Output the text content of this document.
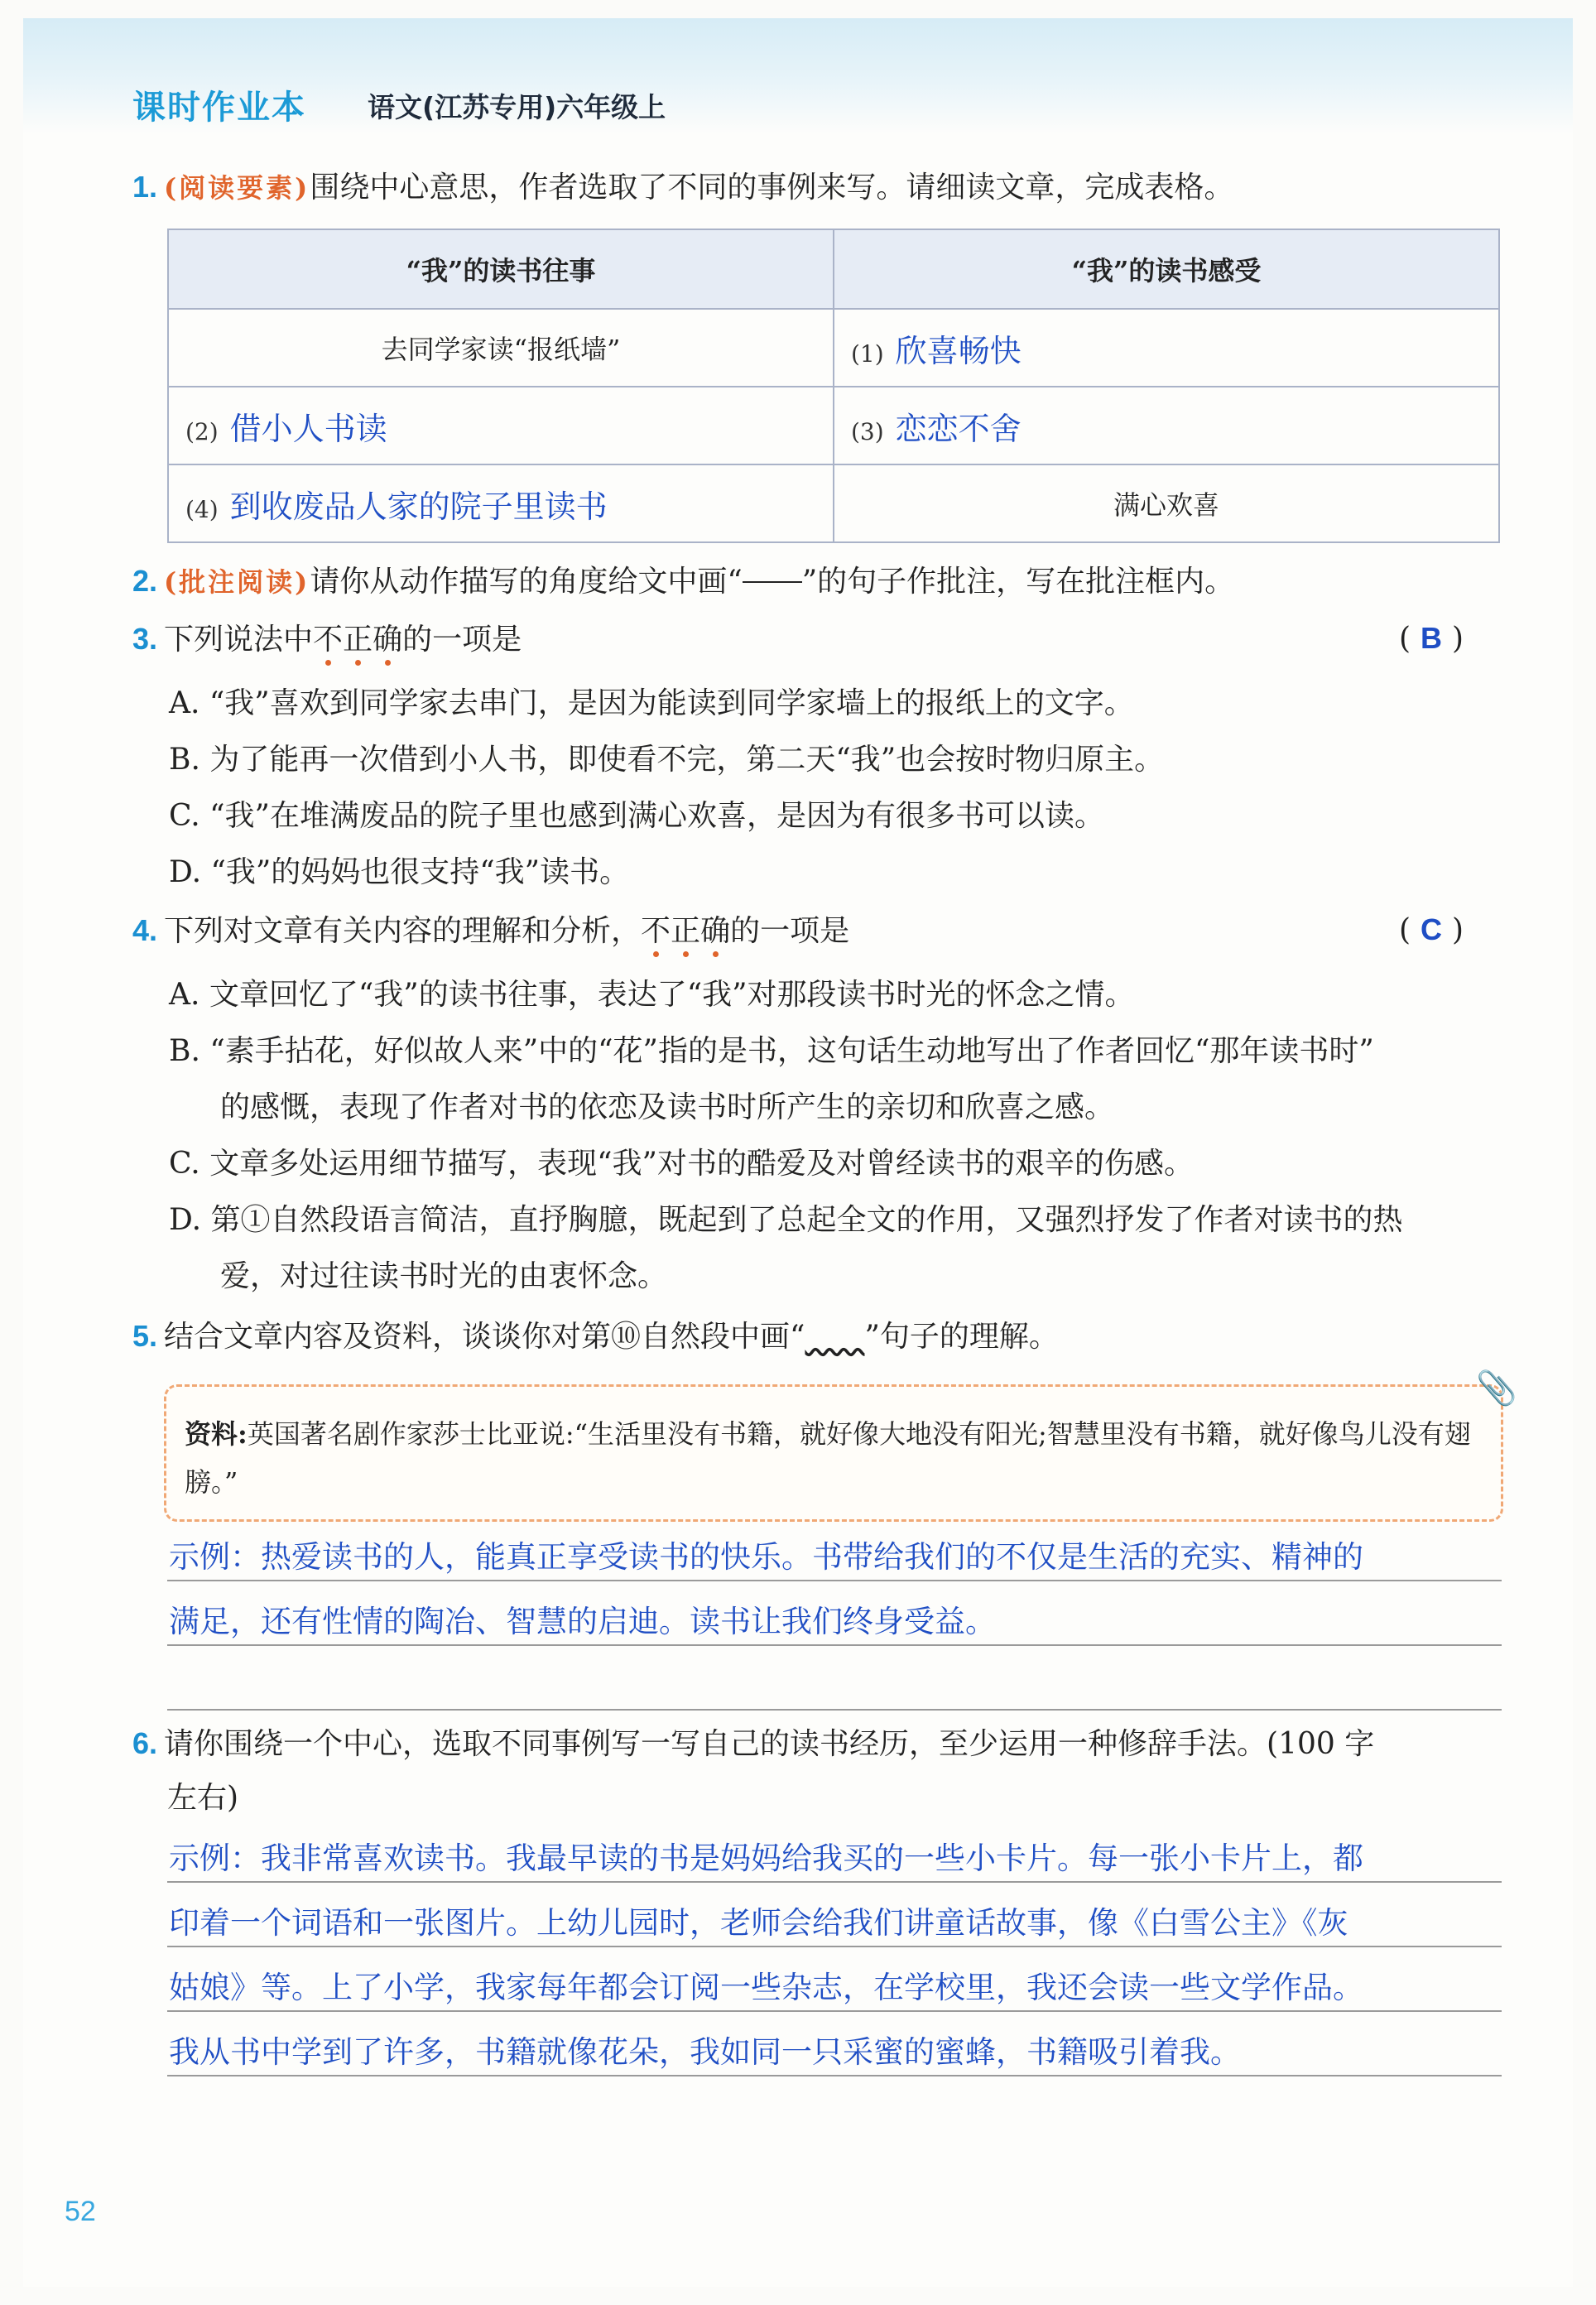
课时作业本 语文(江苏专用)六年级上
1. (阅读要素)围绕中心意思，作者选取了不同的事例来写。请细读文章，完成表格。
“我”的读书往事	“我”的读书感受
去同学家读“报纸墙”	(1) 欣喜畅快
(2) 借小人书读	(3) 恋恋不舍
(4) 到收废品人家的院子里读书	满心欢喜
2. (批注阅读)请你从动作描写的角度给文中画“ ”的句子作批注，写在批注框内。
3. 下列说法中不正确的一项是	( B )
A. “我”喜欢到同学家去串门，是因为能读到同学家墙上的报纸上的文字。
B. 为了能再一次借到小人书，即使看不完，第二天“我”也会按时物归原主。
C. “我”在堆满废品的院子里也感到满心欢喜，是因为有很多书可以读。
D. “我”的妈妈也很支持“我”读书。
4. 下列对文章有关内容的理解和分析，不正确的一项是	( C )
A. 文章回忆了“我”的读书往事，表达了“我”对那段读书时光的怀念之情。
B. “素手拈花，好似故人来”中的“花”指的是书，这句话生动地写出了作者回忆“那年读书时”
的感慨，表现了作者对书的依恋及读书时所产生的亲切和欣喜之感。
C. 文章多处运用细节描写，表现“我”对书的酷爱及对曾经读书的艰辛的伤感。
D. 第①自然段语言简洁，直抒胸臆，既起到了总起全文的作用，又强烈抒发了作者对读书的热
爱，对过往读书时光的由衷怀念。
5. 结合文章内容及资料，谈谈你对第⑩自然段中画“ ”句子的理解。
📎
资料:英国著名剧作家莎士比亚说:“生活里没有书籍，就好像大地没有阳光;智慧里没有书籍，就好像鸟儿没有翅膀。”
示例：热爱读书的人，能真正享受读书的快乐。书带给我们的不仅是生活的充实、精神的
满足，还有性情的陶冶、智慧的启迪。读书让我们终身受益。
6. 请你围绕一个中心，选取不同事例写一写自己的读书经历，至少运用一种修辞手法。(100 字
左右)
示例：我非常喜欢读书。我最早读的书是妈妈给我买的一些小卡片。每一张小卡片上，都
印着一个词语和一张图片。上幼儿园时，老师会给我们讲童话故事，像《白雪公主》《灰
姑娘》等。上了小学，我家每年都会订阅一些杂志，在学校里，我还会读一些文学作品。
我从书中学到了许多，书籍就像花朵，我如同一只采蜜的蜜蜂，书籍吸引着我。
52
